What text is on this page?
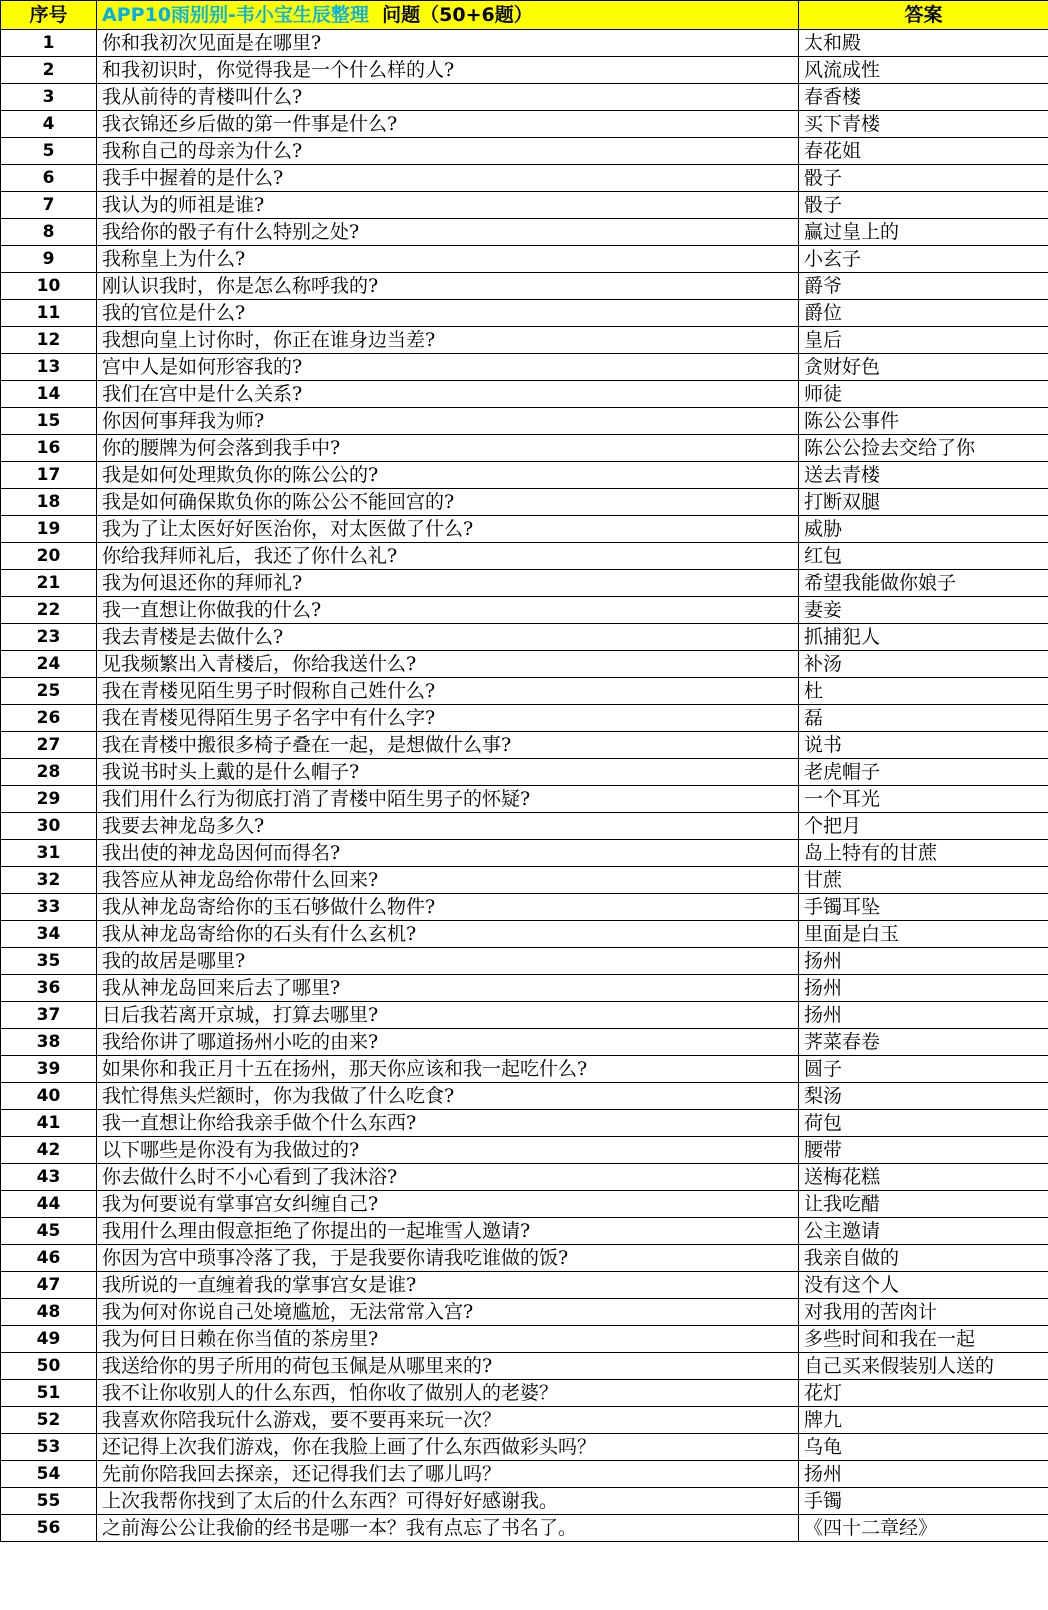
序号	APP10雨别别-韦小宝生辰整理 问题（50+6题）	答案
1	你和我初次见面是在哪里?	太和殿
2	和我初识时，你觉得我是一个什么样的人?	风流成性
3	我从前待的青楼叫什么?	春香楼
4	我衣锦还乡后做的第一件事是什么?	买下青楼
5	我称自己的母亲为什么?	春花姐
6	我手中握着的是什么?	骰子
7	我认为的师祖是谁?	骰子
8	我给你的骰子有什么特别之处?	赢过皇上的
9	我称皇上为什么?	小玄子
10	刚认识我时，你是怎么称呼我的?	爵爷
11	我的官位是什么?	爵位
12	我想向皇上讨你时，你正在谁身边当差?	皇后
13	宫中人是如何形容我的?	贪财好色
14	我们在宫中是什么关系?	师徒
15	你因何事拜我为师?	陈公公事件
16	你的腰牌为何会落到我手中?	陈公公捡去交给了你
17	我是如何处理欺负你的陈公公的?	送去青楼
18	我是如何确保欺负你的陈公公不能回宫的?	打断双腿
19	我为了让太医好好医治你，对太医做了什么?	威胁
20	你给我拜师礼后，我还了你什么礼?	红包
21	我为何退还你的拜师礼?	希望我能做你娘子
22	我一直想让你做我的什么?	妻妾
23	我去青楼是去做什么?	抓捕犯人
24	见我频繁出入青楼后，你给我送什么?	补汤
25	我在青楼见陌生男子时假称自己姓什么?	杜
26	我在青楼见得陌生男子名字中有什么字?	磊
27	我在青楼中搬很多椅子叠在一起，是想做什么事?	说书
28	我说书时头上戴的是什么帽子?	老虎帽子
29	我们用什么行为彻底打消了青楼中陌生男子的怀疑?	一个耳光
30	我要去神龙岛多久?	个把月
31	我出使的神龙岛因何而得名?	岛上特有的甘蔗
32	我答应从神龙岛给你带什么回来?	甘蔗
33	我从神龙岛寄给你的玉石够做什么物件?	手镯耳坠
34	我从神龙岛寄给你的石头有什么玄机?	里面是白玉
35	我的故居是哪里?	扬州
36	我从神龙岛回来后去了哪里?	扬州
37	日后我若离开京城，打算去哪里?	扬州
38	我给你讲了哪道扬州小吃的由来?	荠菜春卷
39	如果你和我正月十五在扬州，那天你应该和我一起吃什么?	圆子
40	我忙得焦头烂额时，你为我做了什么吃食?	梨汤
41	我一直想让你给我亲手做个什么东西?	荷包
42	以下哪些是你没有为我做过的?	腰带
43	你去做什么时不小心看到了我沐浴?	送梅花糕
44	我为何要说有掌事宫女纠缠自己?	让我吃醋
45	我用什么理由假意拒绝了你提出的一起堆雪人邀请?	公主邀请
46	你因为宫中琐事冷落了我，于是我要你请我吃谁做的饭?	我亲自做的
47	我所说的一直缠着我的掌事宫女是谁?	没有这个人
48	我为何对你说自己处境尴尬，无法常常入宫?	对我用的苦肉计
49	我为何日日赖在你当值的茶房里?	多些时间和我在一起
50	我送给你的男子所用的荷包玉佩是从哪里来的?	自己买来假装别人送的
51	我不让你收别人的什么东西，怕你收了做别人的老婆？	花灯
52	我喜欢你陪我玩什么游戏，要不要再来玩一次？	牌九
53	还记得上次我们游戏，你在我脸上画了什么东西做彩头吗？	乌龟
54	先前你陪我回去探亲，还记得我们去了哪儿吗？	扬州
55	上次我帮你找到了太后的什么东西？可得好好感谢我。	手镯
56	之前海公公让我偷的经书是哪一本？我有点忘了书名了。	《四十二章经》
